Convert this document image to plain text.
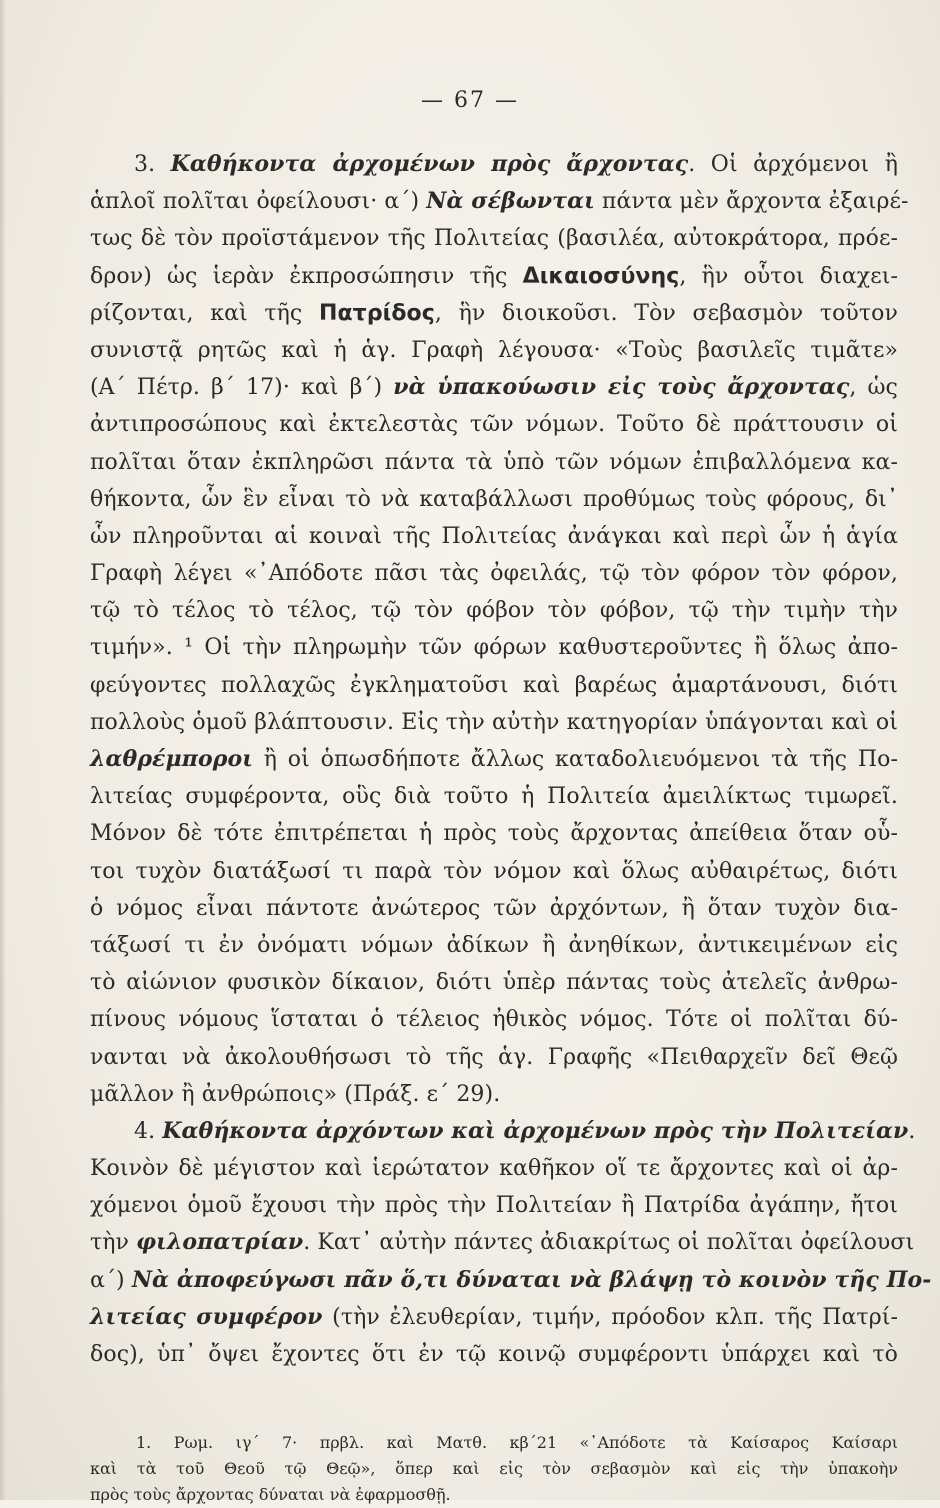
— 67 —
3. Καθήκοντα ἀρχομένων πρὸς ἄρχοντας. Οἱ ἀρχόμενοι ἢ
ἁπλοῖ πολῖται ὀφείλουσι· α΄) Νὰ σέβωνται πάντα μὲν ἄρχοντα ἐξαιρέ-
τως δὲ τὸν προϊστάμενον τῆς Πολιτείας (βασιλέα, αὐτοκράτορα, πρόε-
δρον) ὡς ἱερὰν ἐκπροσώπησιν τῆς Δικαιοσύνης, ἣν οὗτοι διαχει-
ρίζονται, καὶ τῆς Πατρίδος, ἣν διοικοῦσι. Τὸν σεβασμὸν τοῦτον
συνιστᾷ ρητῶς καὶ ἡ ἁγ. Γραφὴ λέγουσα· «Τοὺς βασιλεῖς τιμᾶτε»
(Α΄ Πέτρ. β΄ 17)· καὶ β΄) νὰ ὑπακούωσιν εἰς τοὺς ἄρχοντας, ὡς
ἀντιπροσώπους καὶ ἐκτελεστὰς τῶν νόμων. Τοῦτο δὲ πράττουσιν οἱ
πολῖται ὅταν ἐκπληρῶσι πάντα τὰ ὑπὸ τῶν νόμων ἐπιβαλλόμενα κα-
θήκοντα, ὧν ἓν εἶναι τὸ νὰ καταβάλλωσι προθύμως τοὺς φόρους, δι᾽
ὧν πληροῦνται αἱ κοιναὶ τῆς Πολιτείας ἀνάγκαι καὶ περὶ ὧν ἡ ἁγία
Γραφὴ λέγει «᾽Απόδοτε πᾶσι τὰς ὀφειλάς, τῷ τὸν φόρον τὸν φόρον,
τῷ τὸ τέλος τὸ τέλος, τῷ τὸν φόβον τὸν φόβον, τῷ τὴν τιμὴν τὴν
τιμήν». ¹ Οἱ τὴν πληρωμὴν τῶν φόρων καθυστεροῦντες ἢ ὅλως ἀπο-
φεύγοντες πολλαχῶς ἐγκληματοῦσι καὶ βαρέως ἁμαρτάνουσι, διότι
πολλοὺς ὁμοῦ βλάπτουσιν. Εἰς τὴν αὐτὴν κατηγορίαν ὑπάγονται καὶ οἱ
λαθρέμποροι ἢ οἱ ὁπωσδήποτε ἄλλως καταδολιευόμενοι τὰ τῆς Πο-
λιτείας συμφέροντα, οὓς διὰ τοῦτο ἡ Πολιτεία ἀμειλίκτως τιμωρεῖ.
Μόνον δὲ τότε ἐπιτρέπεται ἡ πρὸς τοὺς ἄρχοντας ἀπείθεια ὅταν οὗ-
τοι τυχὸν διατάξωσί τι παρὰ τὸν νόμον καὶ ὅλως αὐθαιρέτως, διότι
ὁ νόμος εἶναι πάντοτε ἀνώτερος τῶν ἀρχόντων, ἢ ὅταν τυχὸν δια-
τάξωσί τι ἐν ὀνόματι νόμων ἀδίκων ἢ ἀνηθίκων, ἀντικειμένων εἰς
τὸ αἰώνιον φυσικὸν δίκαιον, διότι ὑπὲρ πάντας τοὺς ἀτελεῖς ἀνθρω-
πίνους νόμους ἵσταται ὁ τέλειος ἠθικὸς νόμος. Τότε οἱ πολῖται δύ-
νανται νὰ ἀκολουθήσωσι τὸ τῆς ἁγ. Γραφῆς «Πειθαρχεῖν δεῖ Θεῷ
μᾶλλον ἢ ἀνθρώποις» (Πράξ. ε΄ 29).
4. Καθήκοντα ἀρχόντων καὶ ἀρχομένων πρὸς τὴν Πολιτείαν.
Κοινὸν δὲ μέγιστον καὶ ἱερώτατον καθῆκον οἵ τε ἄρχοντες καὶ οἱ ἀρ-
χόμενοι ὁμοῦ ἔχουσι τὴν πρὸς τὴν Πολιτείαν ἢ Πατρίδα ἀγάπην, ἤτοι
τὴν φιλοπατρίαν. Κατ᾽ αὐτὴν πάντες ἀδιακρίτως οἱ πολῖται ὀφείλουσι
α΄) Νὰ ἀποφεύγωσι πᾶν ὅ,τι δύναται νὰ βλάψῃ τὸ κοινὸν τῆς Πο-
λιτείας συμφέρον (τὴν ἐλευθερίαν, τιμήν, πρόοδον κλπ. τῆς Πατρί-
δος), ὑπ᾽ ὄψει ἔχοντες ὅτι ἐν τῷ κοινῷ συμφέροντι ὑπάρχει καὶ τὸ
1. Ρωμ. ιγ΄ 7· πρβλ. καὶ Ματθ. κβ΄21 «᾽Απόδοτε τὰ Καίσαρος Καίσαρι
καὶ τὰ τοῦ Θεοῦ τῷ Θεῷ», ὅπερ καὶ εἰς τὸν σεβασμὸν καὶ εἰς τὴν ὑπακοὴν
πρὸς τοὺς ἄρχοντας δύναται νὰ ἐφαρμοσθῇ.
